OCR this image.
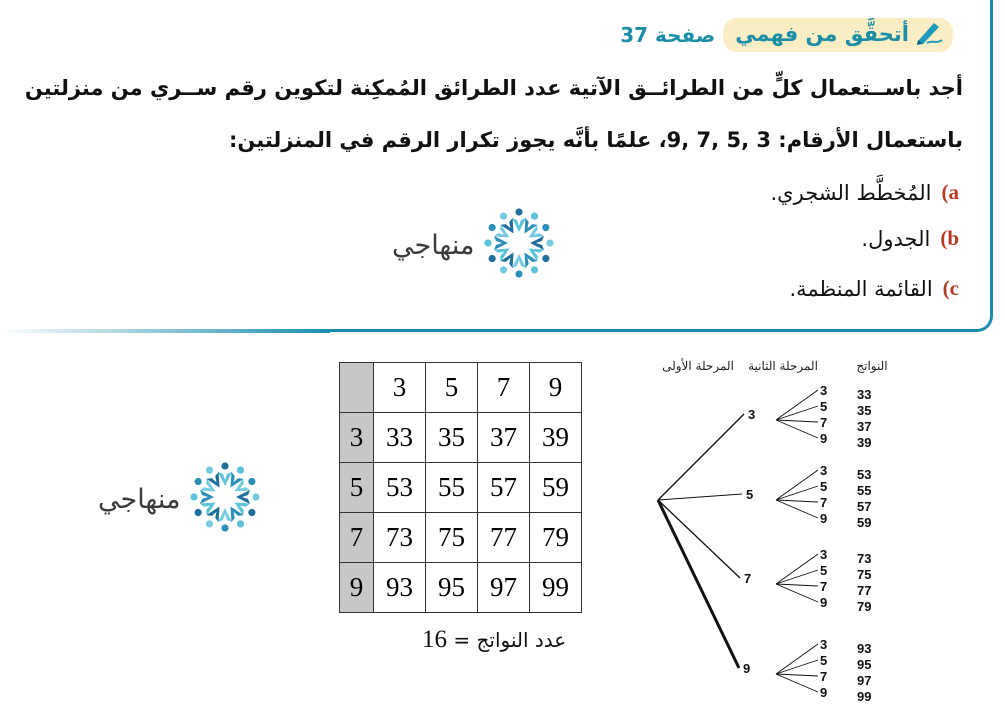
أتحقَّق من فهمي
صفحة 37
أجد باســتعمال كلٍّ من الطرائــق الآتية عدد الطرائق المُمكِنة لتكوين رقم ســري من منزلتين
باستعمال الأرقام: 3 ,5 ,7 ,9، علمًا بأنَّه يجوز تكرار الرقم في المنزلتين:
a)
المُخطَّط الشجري.
b)
الجدول.
c)
القائمة المنظمة.
منهاجي
منهاجي
	3	5	7	9
3	33	35	37	39
5	53	55	57	59
7	73	75	77	79
9	93	95	97	99
عدد النواتج = 16
المرحلة الأولى المرحلة الثانية	النواتج
3
3 33
5 35
7 37
9 39
5
3 53
5 55
7 57
9 59
7
3 73
5 75
7 77
9 79
9
3 93
5 95
7 97
9 99
